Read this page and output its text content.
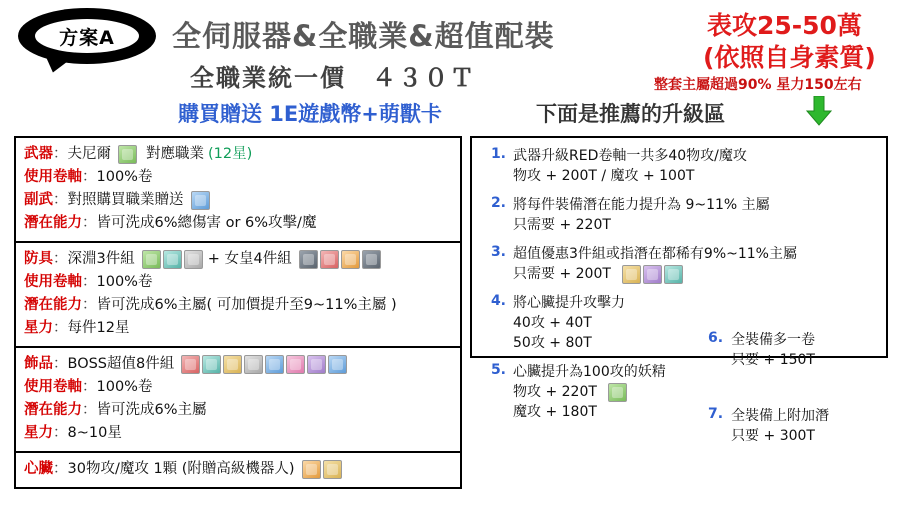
方案A	全伺服器&全職業&超值配裝
全職業統一價　４３０Ｔ
購買贈送 1E遊戲幣+萌獸卡	下面是推薦的升級區
表攻25-50萬
(依照自身素質)
整套主屬超過90% 星力150左右
武器 ： 夫尼爾 對應職業 (12星)
使用卷軸 ： 100%卷
副武 ： 對照購買職業贈送
潛在能力 ： 皆可洗成6%總傷害 or 6%攻擊/魔
防具 ： 深淵3件組	+ 女皇4件組
使用卷軸 ： 100%卷
潛在能力 ： 皆可洗成6%主屬( 可加價提升至9~11%主屬 )
星力 ： 每件12星
飾品 ： BOSS超值8件組
使用卷軸 ： 100%卷
潛在能力 ： 皆可洗成6%主屬
星力 ： 8~10星
心臟 ： 30物攻/魔攻 1顆 (附贈高級機器人)
1. 武器升級RED卷軸一共多40物攻/魔攻
物攻 + 200T / 魔攻 + 100T
2. 將每件裝備潛在能力提升為 9~11% 主屬
只需要 + 220T
3. 超值優惠3件組或指潛在都稀有9%~11%主屬
只需要 + 200T
4. 將心臟提升攻擊力
40攻 + 40T
50攻 + 80T
5. 心臟提升為100攻的妖精
物攻 + 220T
魔攻 + 180T
6. 全裝備多一卷
只要 + 150T
7. 全裝備上附加潛
只要 + 300T
